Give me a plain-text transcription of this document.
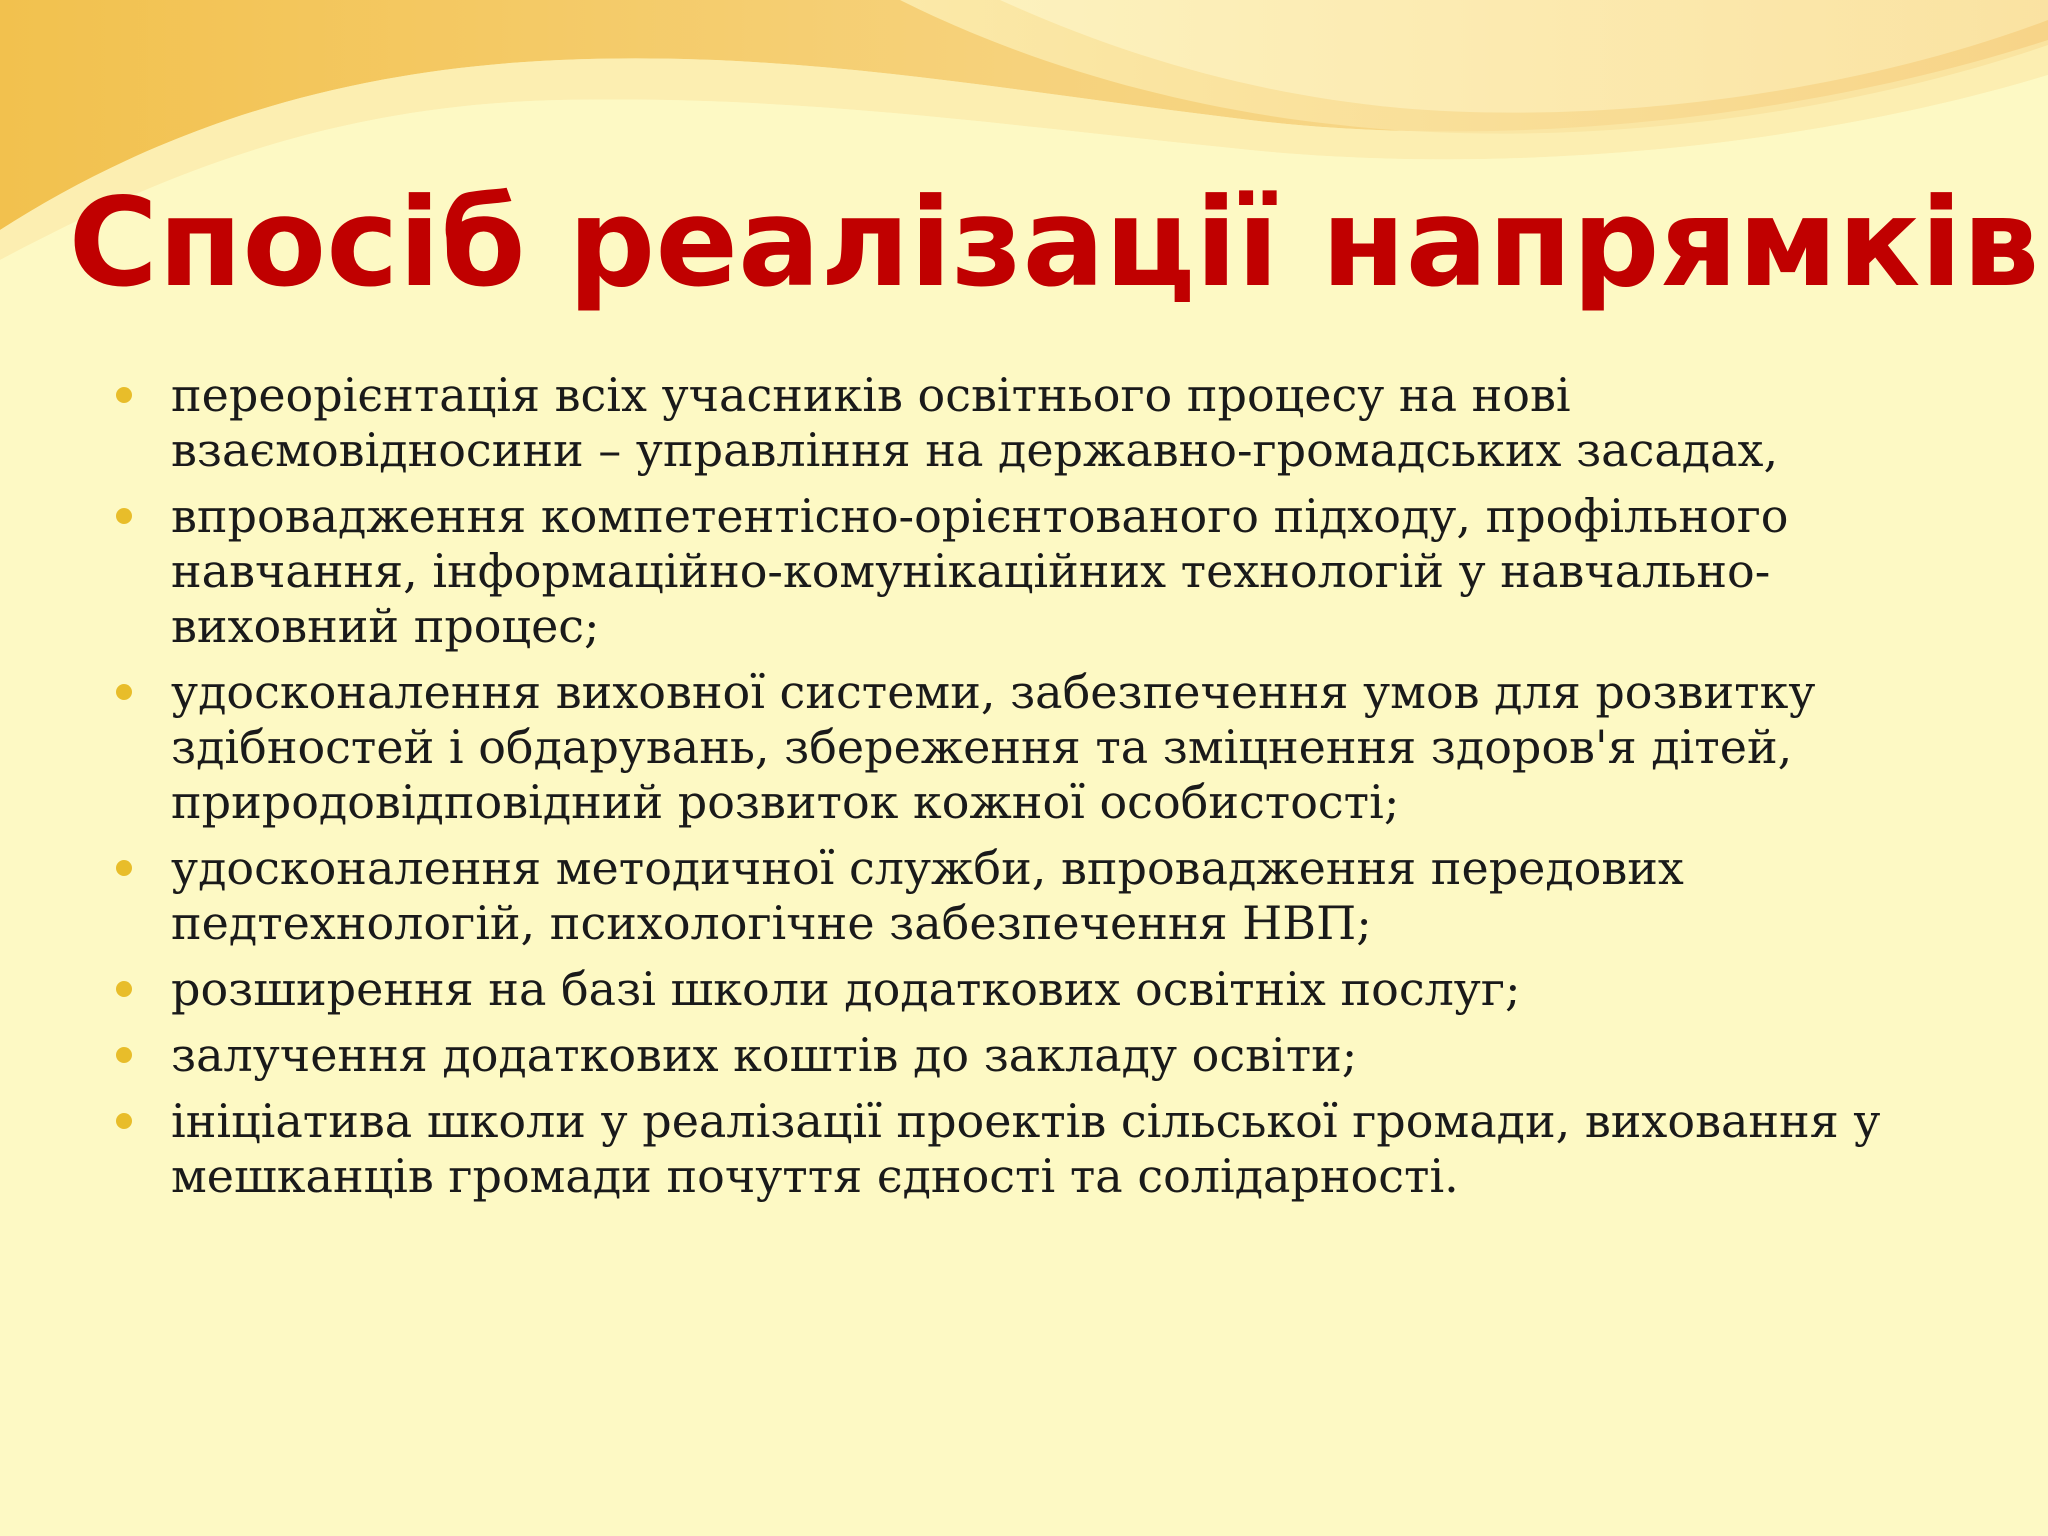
Спосіб реалізації напрямків
переорієнтація всіх учасників освітнього процесу на нові взаємовідносини – управління на державно-громадських засадах,
впровадження компетентісно-орієнтованого підходу, профільного навчання, інформаційно-комунікаційних технологій у навчально-виховний процес;
удосконалення виховної системи, забезпечення умов для розвитку здібностей і обдарувань, збереження та зміцнення здоров'я дітей, природовідповідний розвиток кожної особистості;
удосконалення методичної служби, впровадження передових педтехнологій, психологічне забезпечення НВП;
розширення на базі школи додаткових освітніх послуг;
залучення додаткових коштів до закладу освіти;
ініціатива школи у реалізації проектів сільської громади, виховання у мешканців громади почуття єдності та солідарності.
